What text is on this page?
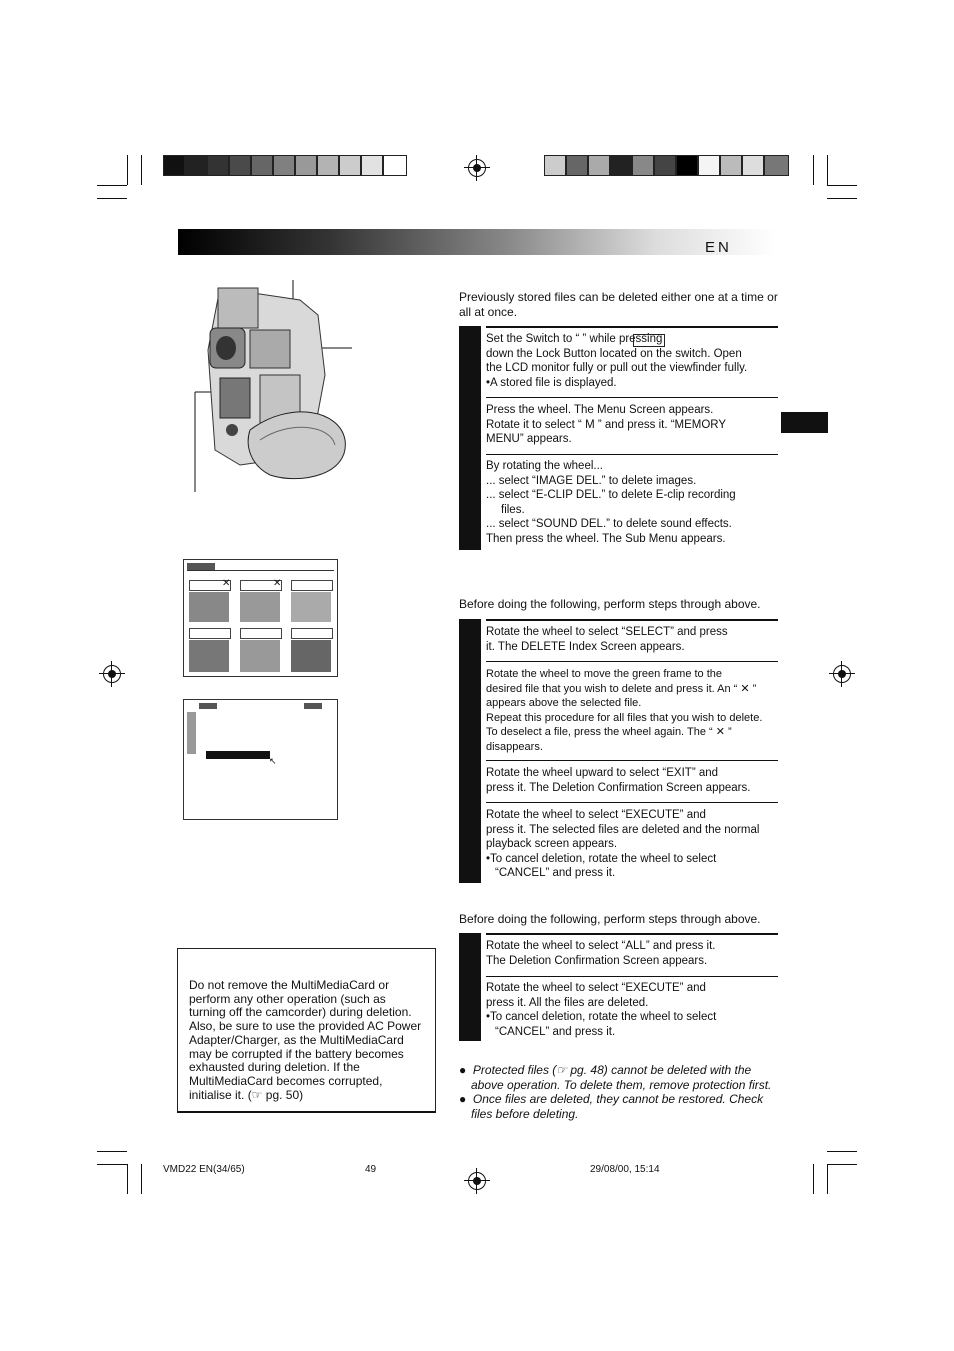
EN
✕	✕
↖
Do not remove the MultiMediaCard or
perform any other operation (such as
turning off the camcorder) during deletion.
Also, be sure to use the provided AC Power
Adapter/Charger, as the MultiMediaCard
may be corrupted if the battery becomes
exhausted during deletion. If the
MultiMediaCard becomes corrupted,
initialise it. (☞ pg. 50)
Previously stored files can be deleted either one at a time or all at once.
Set the Switch to “ ” while pressing
down the Lock Button located on the switch. Open
the LCD monitor fully or pull out the viewfinder fully.
•A stored file is displayed.
Press the wheel. The Menu Screen appears.
Rotate it to select “ M ” and press it. “MEMORY
MENU” appears.
By rotating the wheel...
... select “IMAGE DEL.” to delete images.
... select “E-CLIP DEL.” to delete E-clip recording
files.
... select “SOUND DEL.” to delete sound effects.
Then press the wheel. The Sub Menu appears.
Before doing the following, perform steps through above.
Rotate the wheel to select “SELECT” and press
it. The DELETE Index Screen appears.
Rotate the wheel to move the green frame to the
desired file that you wish to delete and press it. An “ ✕ ”
appears above the selected file.
Repeat this procedure for all files that you wish to delete.
To deselect a file, press the wheel again. The “ ✕ ”
disappears.
Rotate the wheel upward to select “EXIT” and
press it. The Deletion Confirmation Screen appears.
Rotate the wheel to select “EXECUTE” and
press it. The selected files are deleted and the normal
playback screen appears.
•To cancel deletion, rotate the wheel to select
“CANCEL” and press it.
Before doing the following, perform steps through above.
Rotate the wheel to select “ALL” and press it.
The Deletion Confirmation Screen appears.
Rotate the wheel to select “EXECUTE” and
press it. All the files are deleted.
•To cancel deletion, rotate the wheel to select
“CANCEL” and press it.
● Protected files (☞ pg. 48) cannot be deleted with the
above operation. To delete them, remove protection first.
● Once files are deleted, they cannot be restored. Check
files before deleting.
VMD22 EN(34/65)	49	29/08/00, 15:14
